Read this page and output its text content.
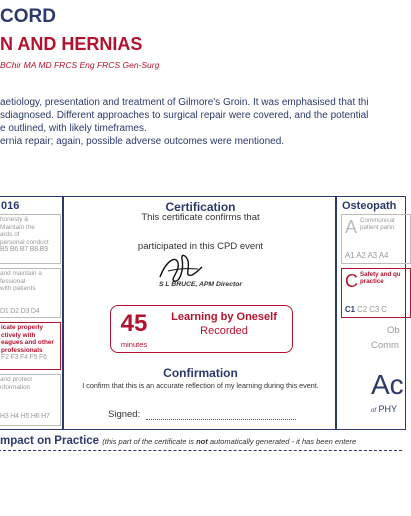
CORD
N AND HERNIAS
BChir MA MD FRCS Eng FRCS Gen-Surg
aetiology, presentation and treatment of Gilmore's Groin. It was emphasised that thi
sdiagnosed. Different approaches to surgical repair were covered, and the potential
e outlined, with likely timeframes.
ernia repair; again, possible adverse outcomes were mentioned.
016
honesty &
Maintain the
ards of
personal conduct
B5 B6 B7 B8 B9
and maintain a
fessional
with patients
D1 D2 D3 D4
icate properly
ctively with
eagues and other
professionals
F2 F3 F4 F5 F6
and protect
nformation
H3 H4 H5 H6 H7
Certification
This certificate confirms that
participated in this CPD event
S L BRUCE, APM Director
45
minutes
Learning by Oneself
Recorded
Confirmation
I confirm that this is an accurate reflection of my learning during this event.
Signed:
Osteopath
A Communicat
patient partn
A1 A2 A3 A4
C Safety and qu
practice
C1 C2 C3 C
Ob
Comm
Ac
of PHY
mpact on Practice (this part of the certificate is not automatically generated - it has been entere
